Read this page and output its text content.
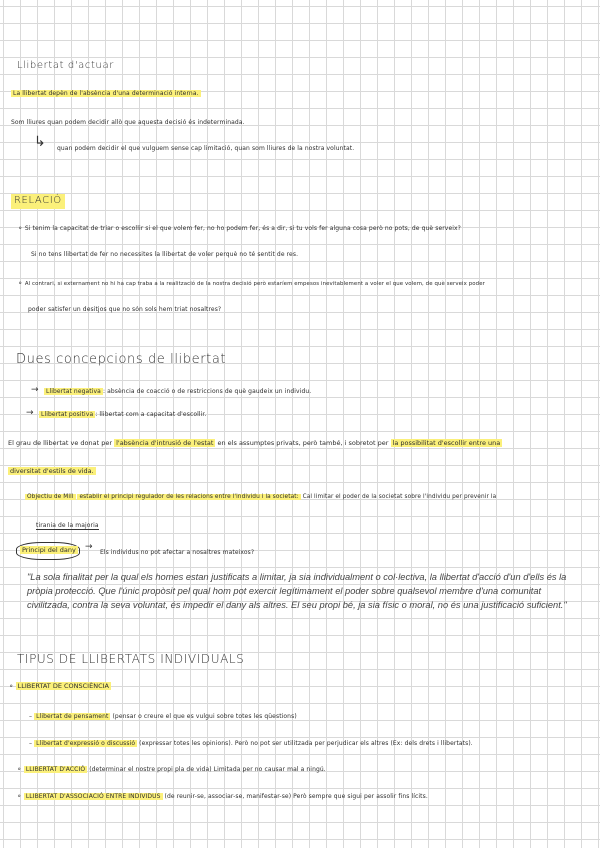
Llibertat d'actuar
La llibertat depèn de l'absència d'una determinació interna.
Som lliures quan podem decidir allò que aquesta decisió és indeterminada.
↳ quan podem decidir el que vulguem sense cap limitació, quan som lliures de la nostra voluntat.
RELACIÓ
∘ Si tenim la capacitat de triar o escollir si el que volem fer, no ho podem fer, és a dir, si tu vols fer alguna cosa però no pots, de què serveix?
Si no tens llibertat de fer no necessites la llibertat de voler perquè no té sentit de res.
∘ Al contrari, si externament no hi ha cap traba a la realització de la nostra decisió però estaríem empesos inevitablement a voler el que volem, de què serveix poder
poder satisfer un desitjos que no són sols hem triat nosaltres?
Dues concepcions de llibertat
→	Llibertat negativa : absència de coacció o de restriccions de què gaudeix un individu.
→	Llibertat positiva : llibertat com a capacitat d'escollir.
El grau de llibertat ve donat per l'absència d'intrusió de l'estat en els assumptes privats, però també, i sobretot per la possibilitat d'escollir entre una
diversitat d'estils de vida.
Objectiu de Mill establir el principi regulador de les relacions entre l'individu i la societat: Cal limitar el poder de la societat sobre l'individu per prevenir la
tirania de la majoria
Principi del dany →
Els individus no pot afectar a nosaltres mateixos?
"La sola finalitat per la qual els homes estan justificats a limitar, ja sia individualment o col·lectiva, la llibertat d'acció d'un d'ells és la pròpia protecció. Que l'únic propòsit pel qual hom pot exercir legítimament el poder sobre qualsevol membre d'una comunitat civilitzada, contra la seva voluntat, és impedir el dany als altres. El seu propi bé, ja sia físic o moral, no és una justificació suficient."
TIPUS DE LLIBERTATS INDIVIDUALS
∘ LLIBERTAT DE CONSCIÈNCIA
– Llibertat de pensament (pensar o creure el que es vulgui sobre totes les qüestions)
– Llibertat d'expressió o discussió (expressar totes les opinions). Però no pot ser utilitzada per perjudicar els altres (Ex: dels drets i llibertats).
∘ LLIBERTAT D'ACCIÓ (determinar el nostre propi pla de vida) Limitada per no causar mal a ningú.
∘ LLIBERTAT D'ASSOCIACIÓ ENTRE INDIVIDUS (de reunir-se, associar-se, manifestar-se) Però sempre que sigui per assolir fins lícits.
